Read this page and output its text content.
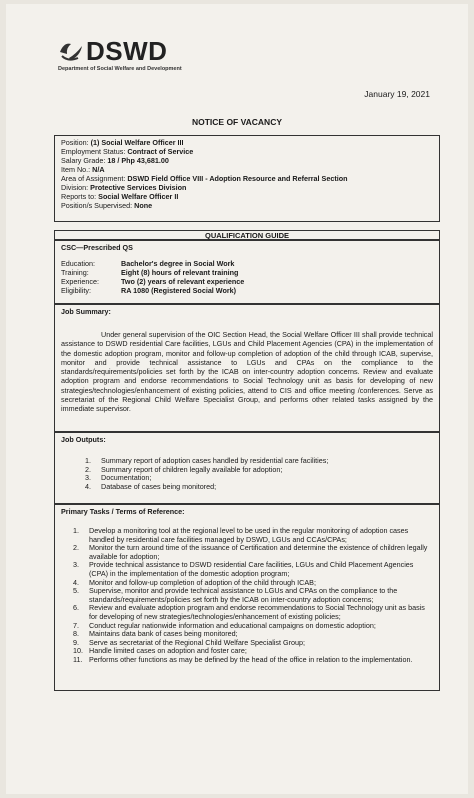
DSWD
Department of Social Welfare and Development
January 19, 2021
NOTICE OF VACANCY
Position: (1) Social Welfare Officer III
Employment Status: Contract of Service
Salary Grade: 18 / Php 43,681.00
Item No.: N/A
Area of Assignment: DSWD Field Office VIII - Adoption Resource and Referral Section
Division: Protective Services Division
Reports to: Social Welfare Officer II
Position/s Supervised: None
QUALIFICATION GUIDE
CSC—Prescribed QS
Education:	Bachelor's degree in Social Work
Training:	Eight (8) hours of relevant training
Experience:	Two (2) years of relevant experience
Eligibility:	RA 1080 (Registered Social Work)
Job Summary:

Under general supervision of the OIC Section Head, the Social Welfare Officer III shall provide technical assistance to DSWD residential Care facilities, LGUs and Child Placement Agencies (CPA) in the implementation of the domestic adoption program, monitor and follow-up completion of adoption of the child through ICAB, supervise, monitor and provide technical assistance to LGUs and CPAs on the compliance to the standards/requirements/policies set forth by the ICAB on inter-country adoption concerns. Review and evaluate adoption program and endorse recommendations to Social Technology unit as basis for developing of new strategies/technologies/enhancement of existing policies, attend to CIS and office meeting /conferences. Serve as secretariat of the Regional Child Welfare Specialist Group, and performs other related tasks assigned by the immediate supervisor.

Job Outputs:
1.	Summary report of adoption cases handled by residential care facilities;
2.	Summary report of children legally available for adoption;
3.	Documentation;
4.	Database of cases being monitored;
Primary Tasks / Terms of Reference:
1.	Develop a monitoring tool at the regional level to be used in the regular monitoring of adoption cases handled by residential care facilities managed by DSWD, LGUs and CCAs/CPAs;
2.	Monitor the turn around time of the issuance of Certification and determine the existence of children legally available for adoption;
3.	Provide technical assistance to DSWD residential Care facilities, LGUs and Child Placement Agencies (CPA) in the implementation of the domestic adoption program;
4.	Monitor and follow-up completion of adoption of the child through ICAB;
5.	Supervise, monitor and provide technical assistance to LGUs and CPAs on the compliance to the standards/requirements/policies set forth by the ICAB on inter-country adoption concerns;
6.	Review and evaluate adoption program and endorse recommendations to Social Technology unit as basis for developing of new strategies/technologies/enhancement of existing policies;
7.	Conduct regular nationwide information and educational campaigns on domestic adoption;
8.	Maintains data bank of cases being monitored;
9.	Serve as secretariat of the Regional Child Welfare Specialist Group;
10. Handle limited cases on adoption and foster care;
11. Performs other functions as may be defined by the head of the office in relation to the implementation.
